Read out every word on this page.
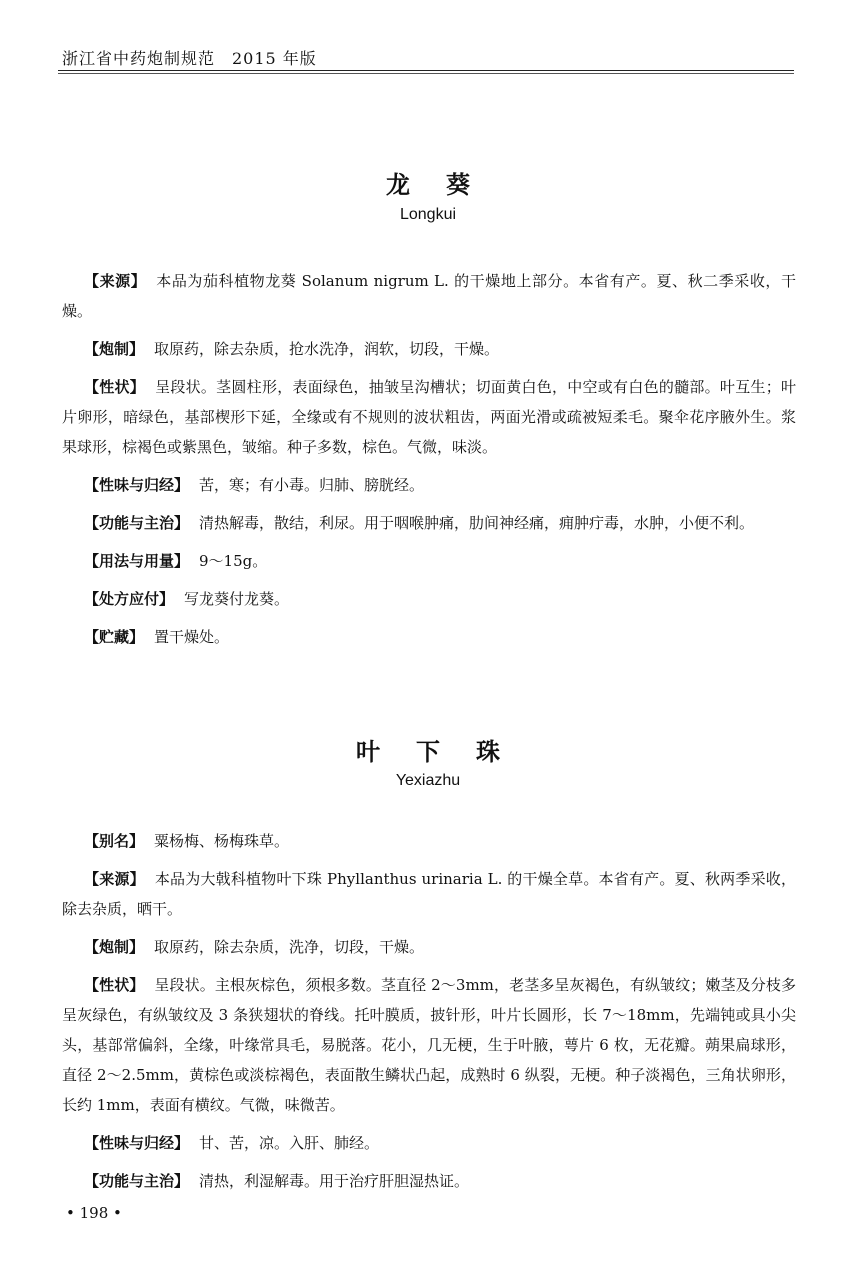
浙江省中药炮制规范　2015 年版
龙葵
Longkui

【来源】 本品为茄科植物龙葵 Solanum nigrum L. 的干燥地上部分。本省有产。夏、秋二季采收，干燥。

【炮制】 取原药，除去杂质，抢水洗净，润软，切段，干燥。

【性状】 呈段状。茎圆柱形，表面绿色，抽皱呈沟槽状；切面黄白色，中空或有白色的髓部。叶互生；叶片卵形，暗绿色，基部楔形下延，全缘或有不规则的波状粗齿，两面光滑或疏被短柔毛。聚伞花序腋外生。浆果球形，棕褐色或紫黑色，皱缩。种子多数，棕色。气微，味淡。

【性味与归经】 苦，寒；有小毒。归肺、膀胱经。

【功能与主治】 清热解毒，散结，利尿。用于咽喉肿痛，肋间神经痛，痈肿疔毒，水肿，小便不利。

【用法与用量】 9～15g。

【处方应付】 写龙葵付龙葵。

【贮藏】 置干燥处。

叶下珠
Yexiazhu

【别名】 粟杨梅、杨梅珠草。

【来源】 本品为大戟科植物叶下珠 Phyllanthus urinaria L. 的干燥全草。本省有产。夏、秋两季采收，除去杂质，晒干。

【炮制】 取原药，除去杂质，洗净，切段，干燥。

【性状】 呈段状。主根灰棕色，须根多数。茎直径 2～3mm，老茎多呈灰褐色，有纵皱纹；嫩茎及分枝多呈灰绿色，有纵皱纹及 3 条狭翅状的脊线。托叶膜质，披针形，叶片长圆形，长 7～18mm，先端钝或具小尖头，基部常偏斜，全缘，叶缘常具毛，易脱落。花小，几无梗，生于叶腋，萼片 6 枚，无花瓣。蒴果扁球形，直径 2～2.5mm，黄棕色或淡棕褐色，表面散生鳞状凸起，成熟时 6 纵裂，无梗。种子淡褐色，三角状卵形，长约 1mm，表面有横纹。气微，味微苦。

【性味与归经】 甘、苦，凉。入肝、肺经。

【功能与主治】 清热，利湿解毒。用于治疗肝胆湿热证。

• 198 •
